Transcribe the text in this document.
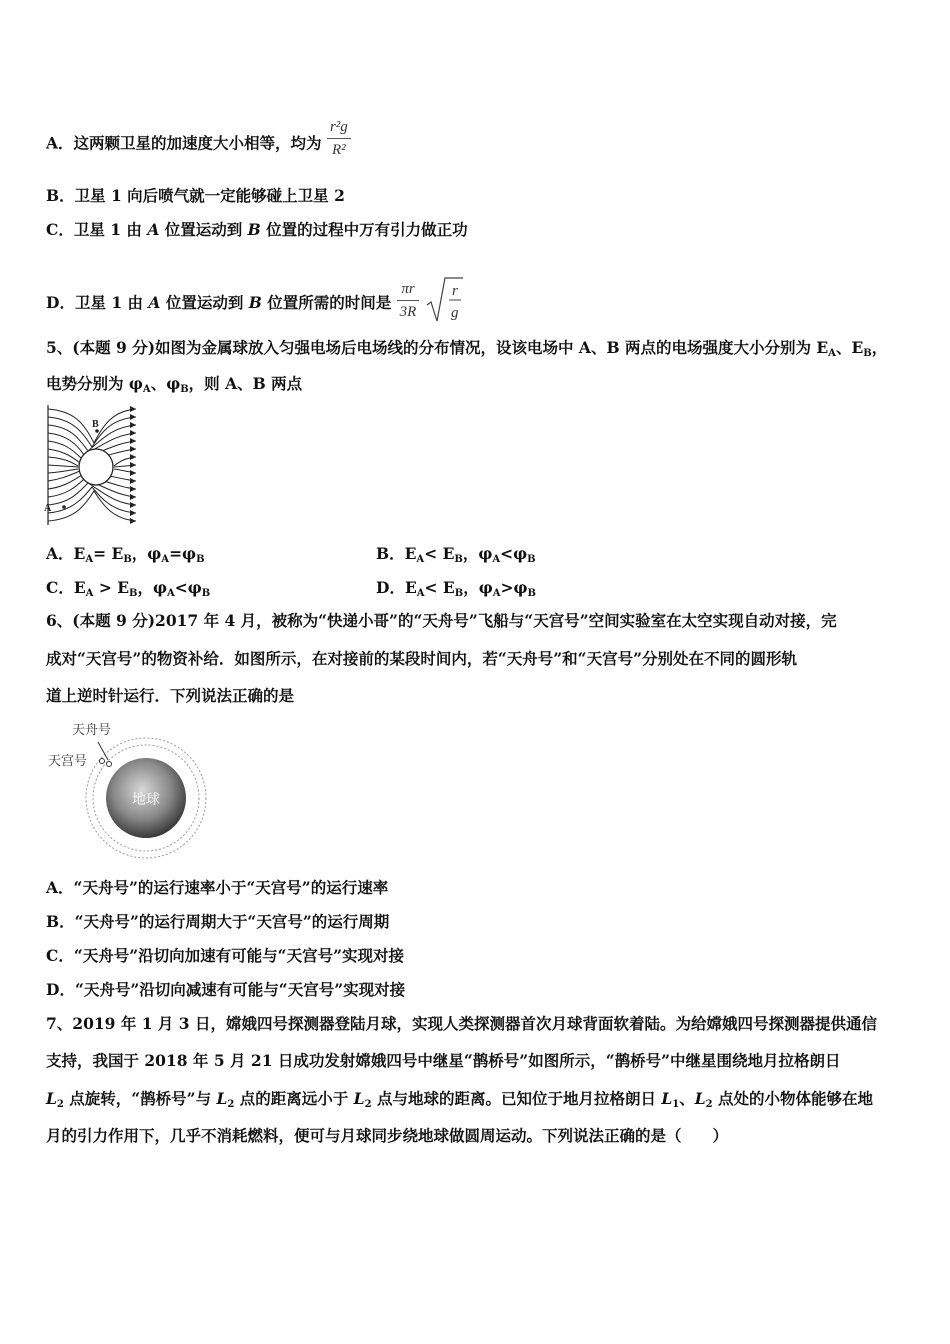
A．这两颗卫星的加速度大小相等，均为 $\frac{\text{r²g}}{\text{R²}}$
B．卫星 1 向后喷气就一定能够碰上卫星 2
C．卫星 1 由 A 位置运动到 B 位置的过程中万有引力做正功
D．卫星 1 由 A 位置运动到 B 位置所需的时间是 $\frac{\pi r}{3R}$
r
g
5、(本题 9 分)如图为金属球放入匀强电场后电场线的分布情况，设该电场中 A、B 两点的电场强度大小分别为 $E_A$、$E_B$，
电势分别为 $\varphi_A$、$\varphi_B$，则 A、B 两点
B
A
A．$E_A= E_B$，$\varphi_A=\varphi_B$	B．$E_A< E_B$，$\varphi_A<\varphi_B$
C．$E_A > E_B$，$\varphi_A<\varphi_B$	D．$E_A< E_B$，$\varphi_A>\varphi_B$
6、(本题 9 分)2017 年 4 月，被称为“快递小哥”的“天舟号”飞船与“天宫号”空间实验室在太空实现自动对接，完
成对“天宫号”的物资补给．如图所示，在对接前的某段时间内，若“天舟号”和“天宫号”分别处在不同的圆形轨
道上逆时针运行．下列说法正确的是
地球
天舟号
天宫号
A．“天舟号”的运行速率小于“天宫号”的运行速率
B．“天舟号”的运行周期大于“天宫号”的运行周期
C．“天舟号”沿切向加速有可能与“天宫号”实现对接
D．“天舟号”沿切向减速有可能与“天宫号”实现对接
7、2019 年 1 月 3 日，嫦娥四号探测器登陆月球，实现人类探测器首次月球背面软着陆。为给嫦娥四号探测器提供通信
支持，我国于 2018 年 5 月 21 日成功发射嫦娥四号中继星“鹊桥号”如图所示，“鹊桥号”中继星围绕地月拉格朗日
$L_2$ 点旋转，“鹊桥号”与 $L_2$ 点的距离远小于 $L_2$ 点与地球的距离。已知位于地月拉格朗日 $L_1$、$L_2$ 点处的小物体能够在地
月的引力作用下，几乎不消耗燃料，便可与月球同步绕地球做圆周运动。下列说法正确的是（　　）
